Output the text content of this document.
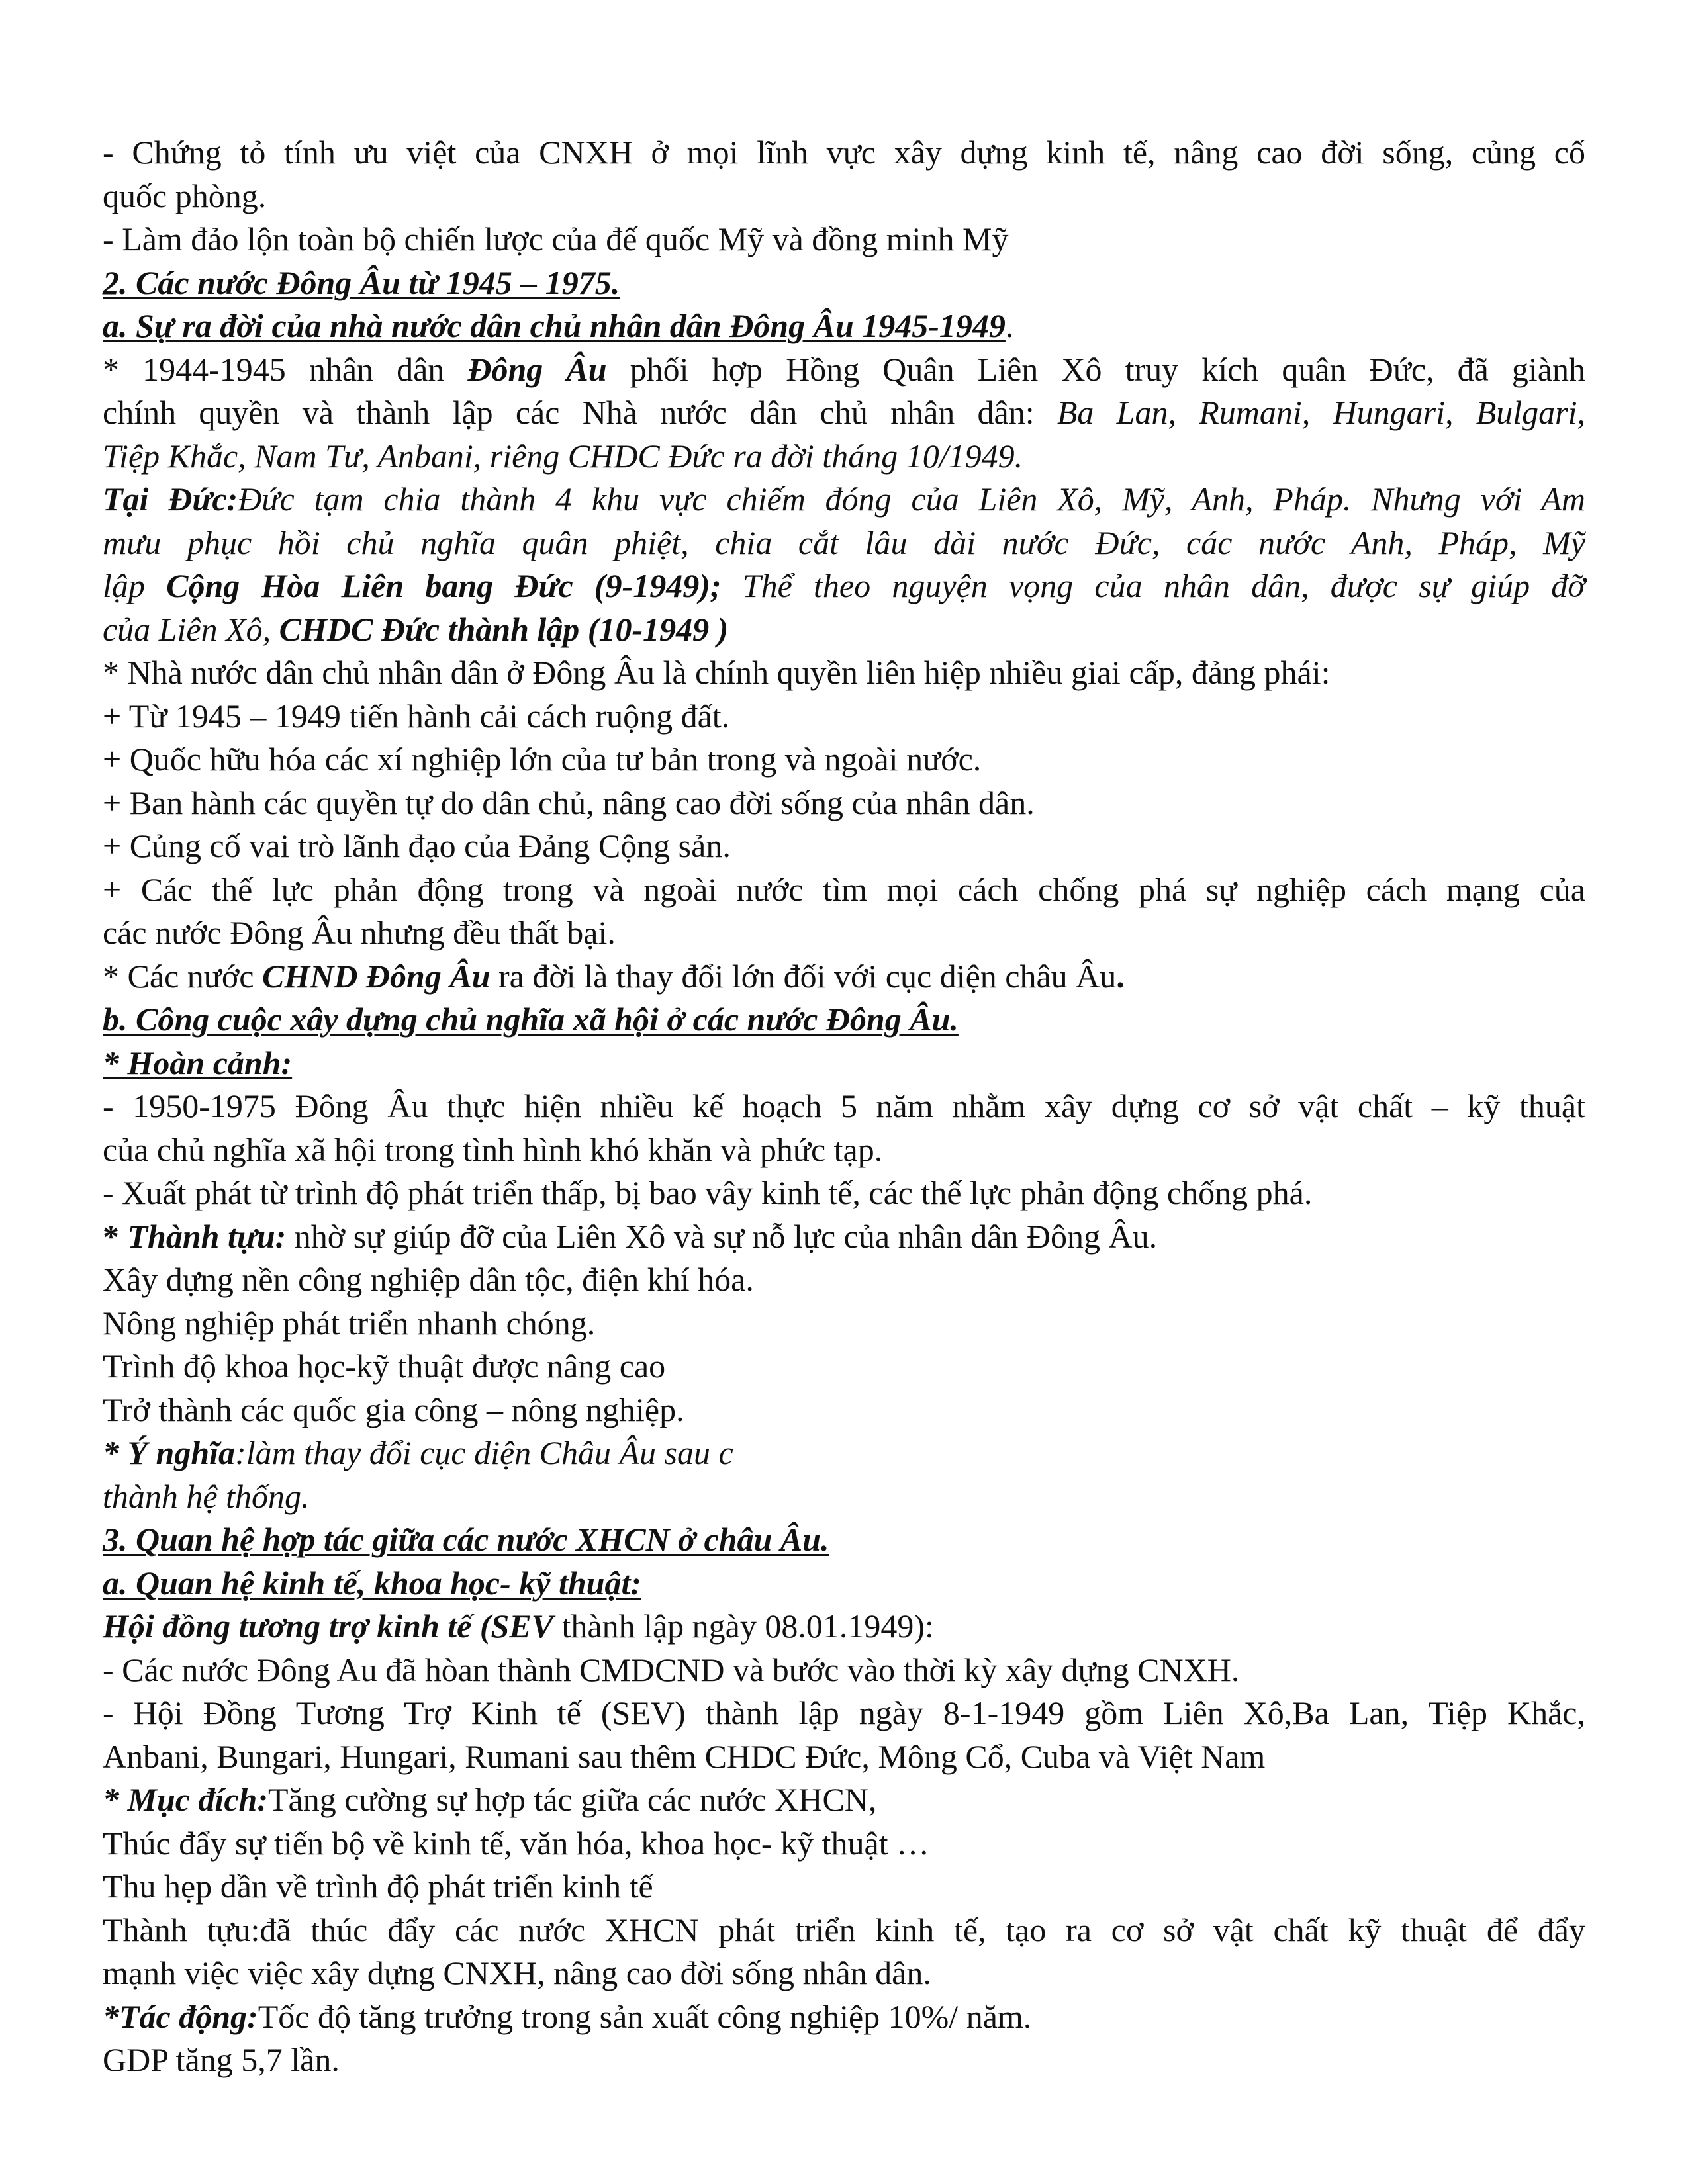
- Chứng tỏ tính ưu việt của CNXH ở mọi lĩnh vực xây dựng kinh tế, nâng cao đời sống, củng cố
quốc phòng.
- Làm đảo lộn toàn bộ chiến lược của đế quốc Mỹ và đồng minh Mỹ
2. Các nước Đông Âu từ 1945 – 1975.
a. Sự ra đời của nhà nước dân chủ nhân dân Đông Âu 1945-1949.
* 1944-1945 nhân dân Đông Âu phối hợp Hồng Quân Liên Xô truy kích quân Đức, đã giành
chính quyền và thành lập các Nhà nước dân chủ nhân dân: Ba Lan, Rumani, Hungari, Bulgari,
Tiệp Khắc, Nam Tư, Anbani, riêng CHDC Đức ra đời tháng 10/1949.
Tại Đức:Đức tạm chia thành 4 khu vực chiếm đóng của Liên Xô, Mỹ, Anh, Pháp. Nhưng với Am
mưu phục hồi chủ nghĩa quân phiệt, chia cắt lâu dài nước Đức, các nước Anh, Pháp, Mỹ
lập Cộng Hòa Liên bang Đức (9-1949); Thể theo nguyện vọng của nhân dân, được sự giúp đỡ
của Liên Xô, CHDC Đức thành lập (10-1949 )
* Nhà nước dân chủ nhân dân ở Đông Âu là chính quyền liên hiệp nhiều giai cấp, đảng phái:
+ Từ 1945 – 1949 tiến hành cải cách ruộng đất.
+ Quốc hữu hóa các xí nghiệp lớn của tư bản trong và ngoài nước.
+ Ban hành các quyền tự do dân chủ, nâng cao đời sống của nhân dân.
+ Củng cố vai trò lãnh đạo của Đảng Cộng sản.
+ Các thế lực phản động trong và ngoài nước tìm mọi cách chống phá sự nghiệp cách mạng của
các nước Đông Âu nhưng đều thất bại.
* Các nước CHND Đông Âu ra đời là thay đổi lớn đối với cục diện châu Âu.
b. Công cuộc xây dựng chủ nghĩa xã hội ở các nước Đông Âu.
* Hoàn cảnh:
- 1950-1975 Đông Âu thực hiện nhiều kế hoạch 5 năm nhằm xây dựng cơ sở vật chất – kỹ thuật
của chủ nghĩa xã hội trong tình hình khó khăn và phức tạp.
- Xuất phát từ trình độ phát triển thấp, bị bao vây kinh tế, các thế lực phản động chống phá.
* Thành tựu: nhờ sự giúp đỡ của Liên Xô và sự nỗ lực của nhân dân Đông Âu.
Xây dựng nền công nghiệp dân tộc, điện khí hóa.
Nông nghiệp phát triển nhanh chóng.
Trình độ khoa học-kỹ thuật được nâng cao
Trở thành các quốc gia công – nông nghiệp.
* Ý nghĩa:làm thay đổi cục diện Châu Âu sau c
thành hệ thống.
3. Quan hệ hợp tác giữa các nước XHCN ở châu Âu.
a. Quan hệ kinh tế, khoa học- kỹ thuật:
Hội đồng tương trợ kinh tế (SEV thành lập ngày 08.01.1949):
- Các nước Đông Au đã hòan thành CMDCND và bước vào thời kỳ xây dựng CNXH.
- Hội Đồng Tương Trợ Kinh tế (SEV) thành lập ngày 8-1-1949 gồm Liên Xô,Ba Lan, Tiệp Khắc,
Anbani, Bungari, Hungari, Rumani sau thêm CHDC Đức, Mông Cổ, Cuba và Việt Nam
* Mục đích:Tăng cường sự hợp tác giữa các nước XHCN,
Thúc đẩy sự tiến bộ về kinh tế, văn hóa, khoa học- kỹ thuật …
Thu hẹp dần về trình độ phát triển kinh tế
Thành tựu:đã thúc đẩy các nước XHCN phát triển kinh tế, tạo ra cơ sở vật chất kỹ thuật để đẩy
mạnh việc việc xây dựng CNXH, nâng cao đời sống nhân dân.
*Tác động:Tốc độ tăng trưởng trong sản xuất công nghiệp 10%/ năm.
GDP tăng 5,7 lần.
